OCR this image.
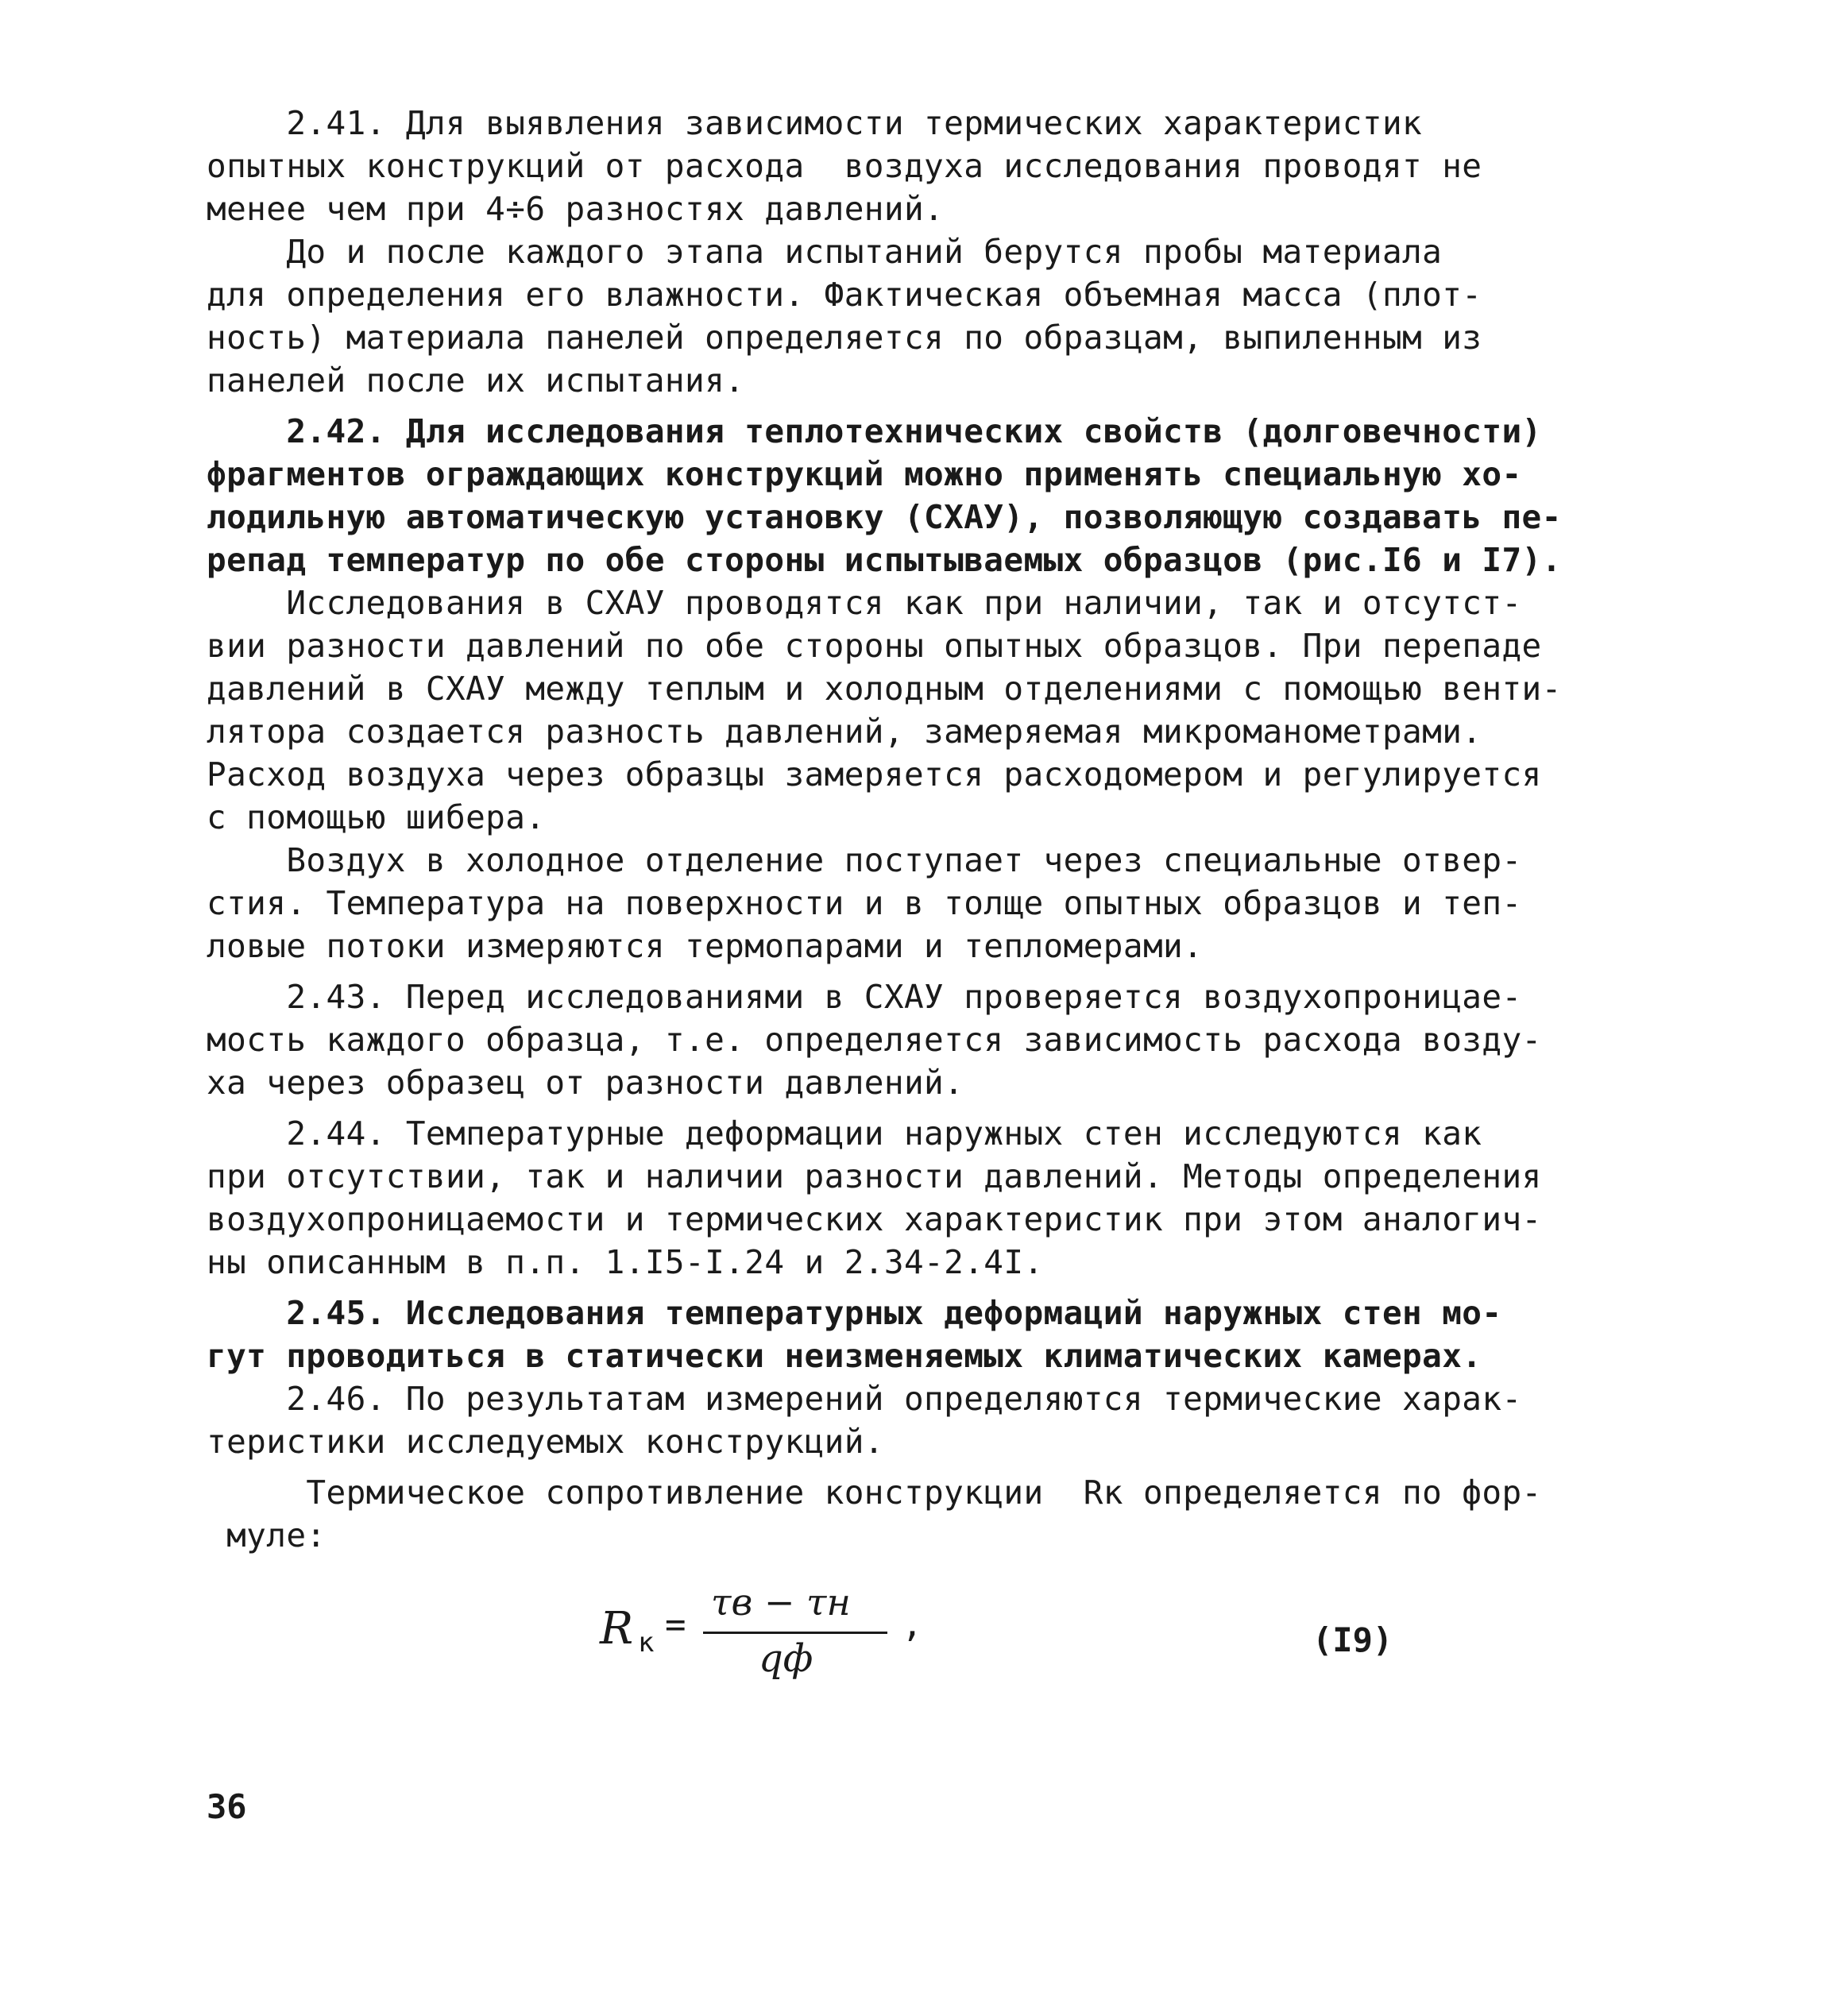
2.41. Для выявления зависимости термических характеристик
опытных конструкций от расхода  воздуха исследования проводят не
менее чем при 4÷6 разностях давлений.
До и после каждого этапа испытаний берутся пробы материала
для определения его влажности. Фактическая объемная масса (плот-
ность) материала панелей определяется по образцам, выпиленным из
панелей после их испытания.
2.42. Для исследования теплотехнических свойств (долговечности)
фрагментов ограждающих конструкций можно применять специальную хо-
лодильную автоматическую установку (СХАУ), позволяющую создавать пе-
репад температур по обе стороны испытываемых образцов (рис.I6 и I7).
Исследования в СХАУ проводятся как при наличии, так и отсутст-
вии разности давлений по обе стороны опытных образцов. При перепаде
давлений в СХАУ между теплым и холодным отделениями с помощью венти-
лятора создается разность давлений, замеряемая микроманометрами.
Расход воздуха через образцы замеряется расходомером и регулируется
с помощью шибера.
Воздух в холодное отделение поступает через специальные отвер-
стия. Температура на поверхности и в толще опытных образцов и теп-
ловые потоки измеряются термопарами и тепломерами.
2.43. Перед исследованиями в СХАУ проверяется воздухопроницае-
мость каждого образца, т.е. определяется зависимость расхода возду-
ха через образец от разности давлений.
2.44. Температурные деформации наружных стен исследуются как
при отсутствии, так и наличии разности давлений. Методы определения
воздухопроницаемости и термических характеристик при этом аналогич-
ны описанным в п.п. 1.I5-I.24 и 2.34-2.4I.
2.45. Исследования температурных деформаций наружных стен мо-
гут проводиться в статически неизменяемых климатических камерах.
2.46. По результатам измерений определяются термические харак-
теристики исследуемых конструкций.
Термическое сопротивление конструкции  Rк определяется по фор-
муле:
R к =
τв − τн
qф
,	(I9)
36
